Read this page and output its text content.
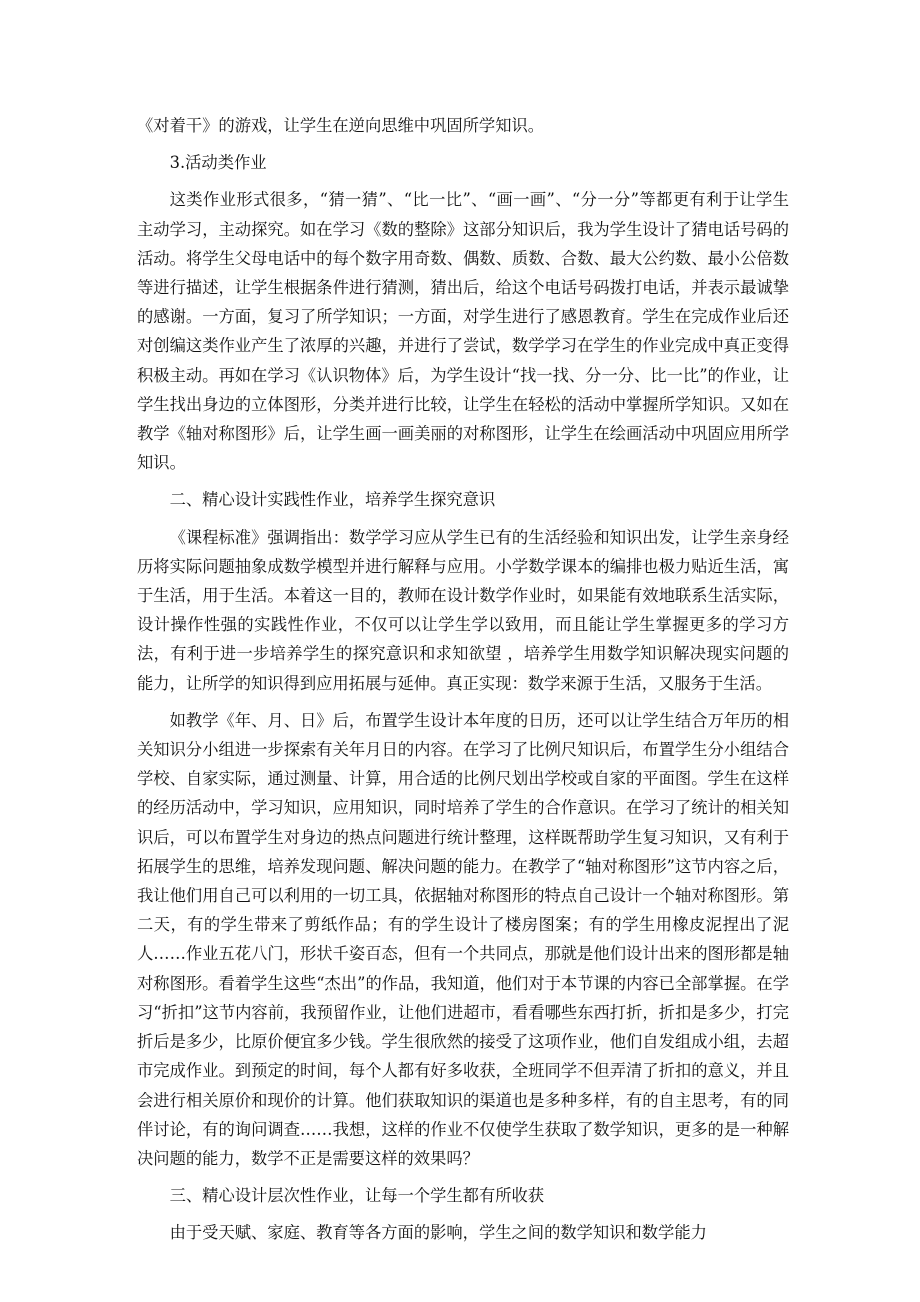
《对着干》的游戏，让学生在逆向思维中巩固所学知识。

3.活动类作业

这类作业形式很多，“猜一猜”、“比一比”、“画一画”、“分一分”等都更有利于让学生主动学习，主动探究。如在学习《数的整除》这部分知识后，我为学生设计了猜电话号码的活动。将学生父母电话中的每个数字用奇数、偶数、质数、合数、最大公约数、最小公倍数等进行描述，让学生根据条件进行猜测，猜出后，给这个电话号码拨打电话，并表示最诚挚的感谢。一方面，复习了所学知识；一方面，对学生进行了感恩教育。学生在完成作业后还对创编这类作业产生了浓厚的兴趣，并进行了尝试，数学学习在学生的作业完成中真正变得积极主动。再如在学习《认识物体》后，为学生设计“找一找、分一分、比一比”的作业，让学生找出身边的立体图形，分类并进行比较，让学生在轻松的活动中掌握所学知识。又如在教学《轴对称图形》后，让学生画一画美丽的对称图形，让学生在绘画活动中巩固应用所学知识。

二、精心设计实践性作业，培养学生探究意识

《课程标准》强调指出：数学学习应从学生已有的生活经验和知识出发，让学生亲身经历将实际问题抽象成数学模型并进行解释与应用。小学数学课本的编排也极力贴近生活，寓于生活，用于生活。本着这一目的，教师在设计数学作业时，如果能有效地联系生活实际，设计操作性强的实践性作业，不仅可以让学生学以致用，而且能让学生掌握更多的学习方法，有利于进一步培养学生的探究意识和求知欲望 ，培养学生用数学知识解决现实问题的能力，让所学的知识得到应用拓展与延伸。真正实现：数学来源于生活，又服务于生活。

如教学《年、月、日》后，布置学生设计本年度的日历，还可以让学生结合万年历的相关知识分小组进一步探索有关年月日的内容。在学习了比例尺知识后，布置学生分小组结合学校、自家实际，通过测量、计算，用合适的比例尺划出学校或自家的平面图。学生在这样的经历活动中，学习知识，应用知识，同时培养了学生的合作意识。在学习了统计的相关知识后，可以布置学生对身边的热点问题进行统计整理，这样既帮助学生复习知识，又有利于拓展学生的思维，培养发现问题、解决问题的能力。在教学了“轴对称图形”这节内容之后，我让他们用自己可以利用的一切工具，依据轴对称图形的特点自己设计一个轴对称图形。第二天，有的学生带来了剪纸作品；有的学生设计了楼房图案；有的学生用橡皮泥捏出了泥人……作业五花八门，形状千姿百态，但有一个共同点，那就是他们设计出来的图形都是轴对称图形。看着学生这些“杰出”的作品，我知道，他们对于本节课的内容已全部掌握。在学习“折扣”这节内容前，我预留作业，让他们进超市，看看哪些东西打折，折扣是多少，打完折后是多少，比原价便宜多少钱。学生很欣然的接受了这项作业，他们自发组成小组，去超市完成作业。到预定的时间，每个人都有好多收获，全班同学不但弄清了折扣的意义，并且会进行相关原价和现价的计算。他们获取知识的渠道也是多种多样，有的自主思考，有的同伴讨论，有的询问调查……我想，这样的作业不仅使学生获取了数学知识，更多的是一种解决问题的能力，数学不正是需要这样的效果吗？

三、精心设计层次性作业，让每一个学生都有所收获

由于受天赋、家庭、教育等各方面的影响，学生之间的数学知识和数学能力
